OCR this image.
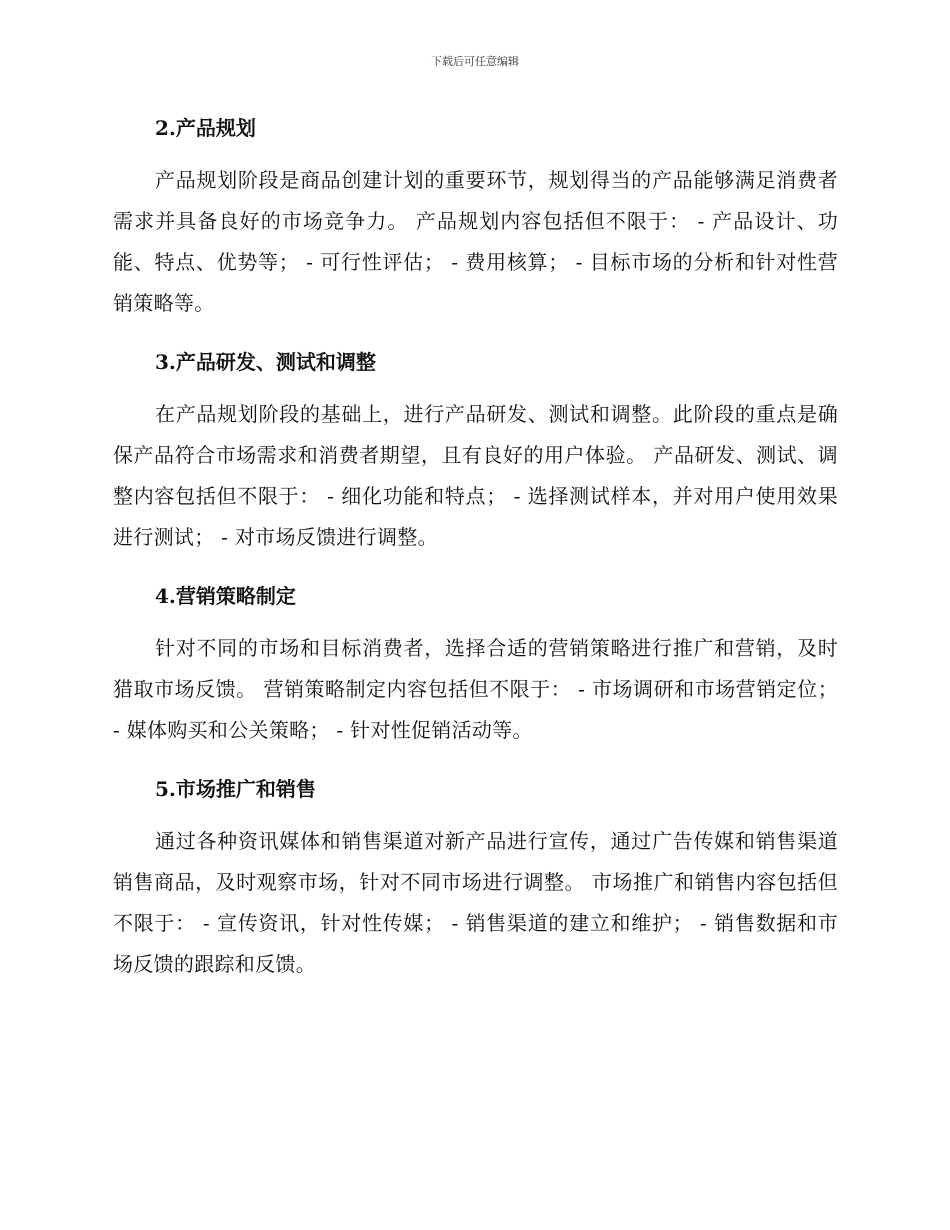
下载后可任意编辑
2.产品规划

产品规划阶段是商品创建计划的重要环节，规划得当的产品能够满足消费者需求并具备良好的市场竞争力。 产品规划内容包括但不限于： - 产品设计、功能、特点、优势等； - 可行性评估； - 费用核算； - 目标市场的分析和针对性营销策略等。

3.产品研发、测试和调整

在产品规划阶段的基础上，进行产品研发、测试和调整。此阶段的重点是确保产品符合市场需求和消费者期望，且有良好的用户体验。 产品研发、测试、调整内容包括但不限于： - 细化功能和特点； - 选择测试样本，并对用户使用效果进行测试； - 对市场反馈进行调整。

4.营销策略制定

针对不同的市场和目标消费者，选择合适的营销策略进行推广和营销，及时猎取市场反馈。 营销策略制定内容包括但不限于： - 市场调研和市场营销定位； - 媒体购买和公关策略； - 针对性促销活动等。

5.市场推广和销售

通过各种资讯媒体和销售渠道对新产品进行宣传，通过广告传媒和销售渠道销售商品，及时观察市场，针对不同市场进行调整。 市场推广和销售内容包括但不限于： - 宣传资讯，针对性传媒； - 销售渠道的建立和维护； - 销售数据和市场反馈的跟踪和反馈。
